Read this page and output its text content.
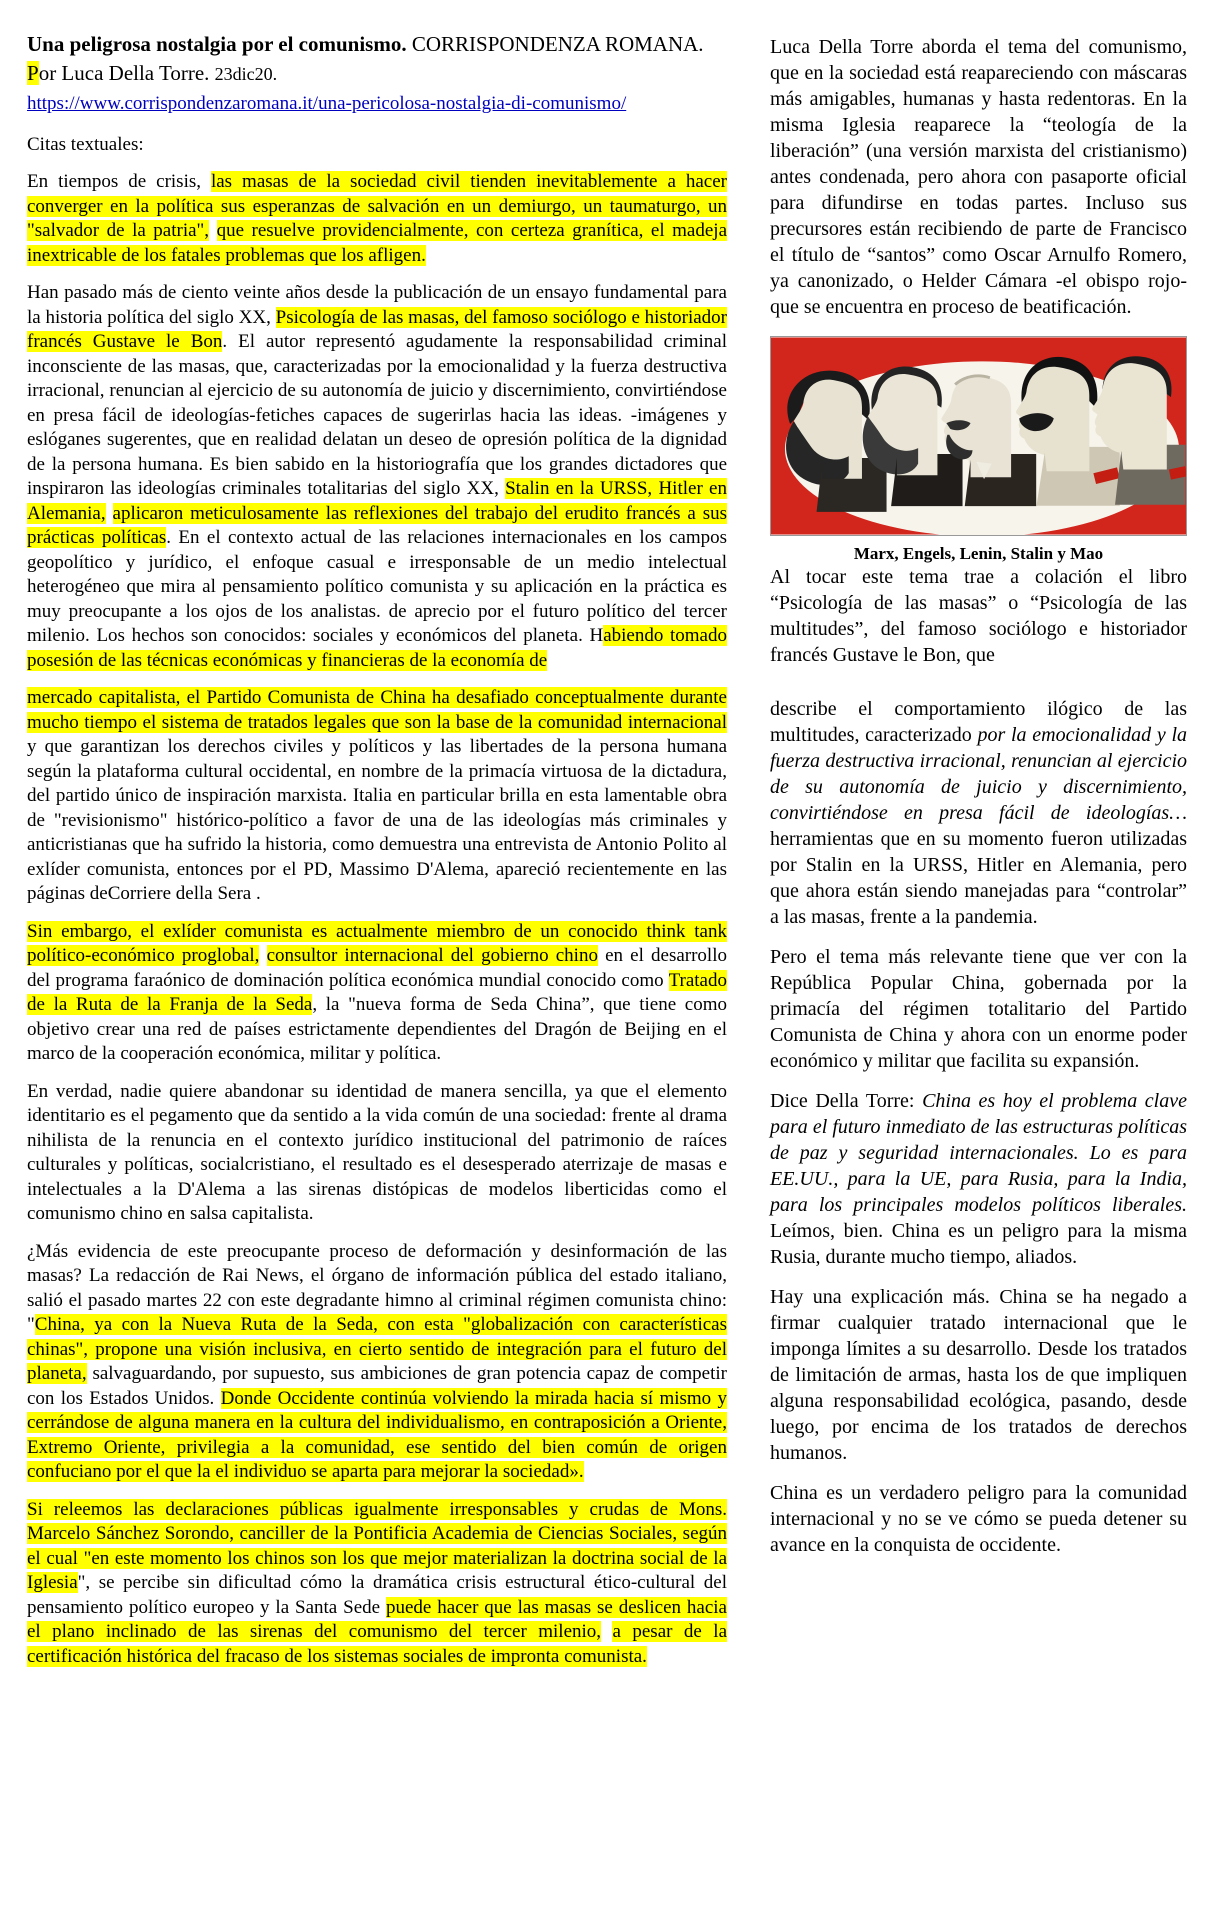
Una peligrosa nostalgia por el comunismo. CORRISPONDENZA ROMANA. Por Luca Della Torre. 23dic20.
https://www.corrispondenzaromana.it/una-pericolosa-nostalgia-di-comunismo/

Citas textuales:

En tiempos de crisis, las masas de la sociedad civil tienden inevitablemente a hacer converger en la política sus esperanzas de salvación en un demiurgo, un taumaturgo, un "salvador de la patria", que resuelve providencialmente, con certeza granítica, el madeja inextricable de los fatales problemas que los afligen.

Han pasado más de ciento veinte años desde la publicación de un ensayo fundamental para la historia política del siglo XX, Psicología de las masas, del famoso sociólogo e historiador francés Gustave le Bon. El autor representó agudamente la responsabilidad criminal inconsciente de las masas, que, caracterizadas por la emocionalidad y la fuerza destructiva irracional, renuncian al ejercicio de su autonomía de juicio y discernimiento, convirtiéndose en presa fácil de ideologías-fetiches capaces de sugerirlas hacia las ideas. -imágenes y eslóganes sugerentes, que en realidad delatan un deseo de opresión política de la dignidad de la persona humana. Es bien sabido en la historiografía que los grandes dictadores que inspiraron las ideologías criminales totalitarias del siglo XX, Stalin en la URSS, Hitler en Alemania, aplicaron meticulosamente las reflexiones del trabajo del erudito francés a sus prácticas políticas. En el contexto actual de las relaciones internacionales en los campos geopolítico y jurídico, el enfoque casual e irresponsable de un medio intelectual heterogéneo que mira al pensamiento político comunista y su aplicación en la práctica es muy preocupante a los ojos de los analistas. de aprecio por el futuro político del tercer milenio. Los hechos son conocidos: sociales y económicos del planeta. Habiendo tomado posesión de las técnicas económicas y financieras de la economía de

mercado capitalista, el Partido Comunista de China ha desafiado conceptualmente durante mucho tiempo el sistema de tratados legales que son la base de la comunidad internacional y que garantizan los derechos civiles y políticos y las libertades de la persona humana según la plataforma cultural occidental, en nombre de la primacía virtuosa de la dictadura, del partido único de inspiración marxista. Italia en particular brilla en esta lamentable obra de "revisionismo" histórico-político a favor de una de las ideologías más criminales y anticristianas que ha sufrido la historia, como demuestra una entrevista de Antonio Polito al exlíder comunista, entonces por el PD, Massimo D'Alema, apareció recientemente en las páginas deCorriere della Sera .

Sin embargo, el exlíder comunista es actualmente miembro de un conocido think tank político-económico proglobal, consultor internacional del gobierno chino en el desarrollo del programa faraónico de dominación política económica mundial conocido como Tratado de la Ruta de la Franja de la Seda, la "nueva forma de Seda China”, que tiene como objetivo crear una red de países estrictamente dependientes del Dragón de Beijing en el marco de la cooperación económica, militar y política.

En verdad, nadie quiere abandonar su identidad de manera sencilla, ya que el elemento identitario es el pegamento que da sentido a la vida común de una sociedad: frente al drama nihilista de la renuncia en el contexto jurídico institucional del patrimonio de raíces culturales y políticas, socialcristiano, el resultado es el desesperado aterrizaje de masas e intelectuales a la D'Alema a las sirenas distópicas de modelos liberticidas como el comunismo chino en salsa capitalista.

¿Más evidencia de este preocupante proceso de deformación y desinformación de las masas? La redacción de Rai News, el órgano de información pública del estado italiano, salió el pasado martes 22 con este degradante himno al criminal régimen comunista chino: "China, ya con la Nueva Ruta de la Seda, con esta "globalización con características chinas", propone una visión inclusiva, en cierto sentido de integración para el futuro del planeta, salvaguardando, por supuesto, sus ambiciones de gran potencia capaz de competir con los Estados Unidos. Donde Occidente continúa volviendo la mirada hacia sí mismo y cerrándose de alguna manera en la cultura del individualismo, en contraposición a Oriente, Extremo Oriente, privilegia a la comunidad, ese sentido del bien común de origen confuciano por el que la el individuo se aparta para mejorar la sociedad».

Si releemos las declaraciones públicas igualmente irresponsables y crudas de Mons. Marcelo Sánchez Sorondo, canciller de la Pontificia Academia de Ciencias Sociales, según el cual "en este momento los chinos son los que mejor materializan la doctrina social de la Iglesia", se percibe sin dificultad cómo la dramática crisis estructural ético-cultural del pensamiento político europeo y la Santa Sede puede hacer que las masas se deslicen hacia el plano inclinado de las sirenas del comunismo del tercer milenio, a pesar de la certificación histórica del fracaso de los sistemas sociales de impronta comunista.

Luca Della Torre aborda el tema del comunismo, que en la sociedad está reapareciendo con máscaras más amigables, humanas y hasta redentoras. En la misma Iglesia reaparece la “teología de la liberación” (una versión marxista del cristianismo) antes condenada, pero ahora con pasaporte oficial para difundirse en todas partes. Incluso sus precursores están recibiendo de parte de Francisco el título de “santos” como Oscar Arnulfo Romero, ya canonizado, o Helder Cámara -el obispo rojo- que se encuentra en proceso de beatificación.

Marx, Engels, Lenin, Stalin y Mao

Al tocar este tema trae a colación el libro “Psicología de las masas” o “Psicología de las multitudes”, del famoso sociólogo e historiador francés Gustave le Bon, que

describe el comportamiento ilógico de las multitudes, caracterizado por la emocionalidad y la fuerza destructiva irracional, renuncian al ejercicio de su autonomía de juicio y discernimiento, convirtiéndose en presa fácil de ideologías… herramientas que en su momento fueron utilizadas por Stalin en la URSS, Hitler en Alemania, pero que ahora están siendo manejadas para “controlar” a las masas, frente a la pandemia.

Pero el tema más relevante tiene que ver con la República Popular China, gobernada por la primacía del régimen totalitario del Partido Comunista de China y ahora con un enorme poder económico y militar que facilita su expansión.

Dice Della Torre: China es hoy el problema clave para el futuro inmediato de las estructuras políticas de paz y seguridad internacionales. Lo es para EE.UU., para la UE, para Rusia, para la India, para los principales modelos políticos liberales. Leímos, bien. China es un peligro para la misma Rusia, durante mucho tiempo, aliados.

Hay una explicación más. China se ha negado a firmar cualquier tratado internacional que le imponga límites a su desarrollo. Desde los tratados de limitación de armas, hasta los de que impliquen alguna responsabilidad ecológica, pasando, desde luego, por encima de los tratados de derechos humanos.

China es un verdadero peligro para la comunidad internacional y no se ve cómo se pueda detener su avance en la conquista de occidente.
